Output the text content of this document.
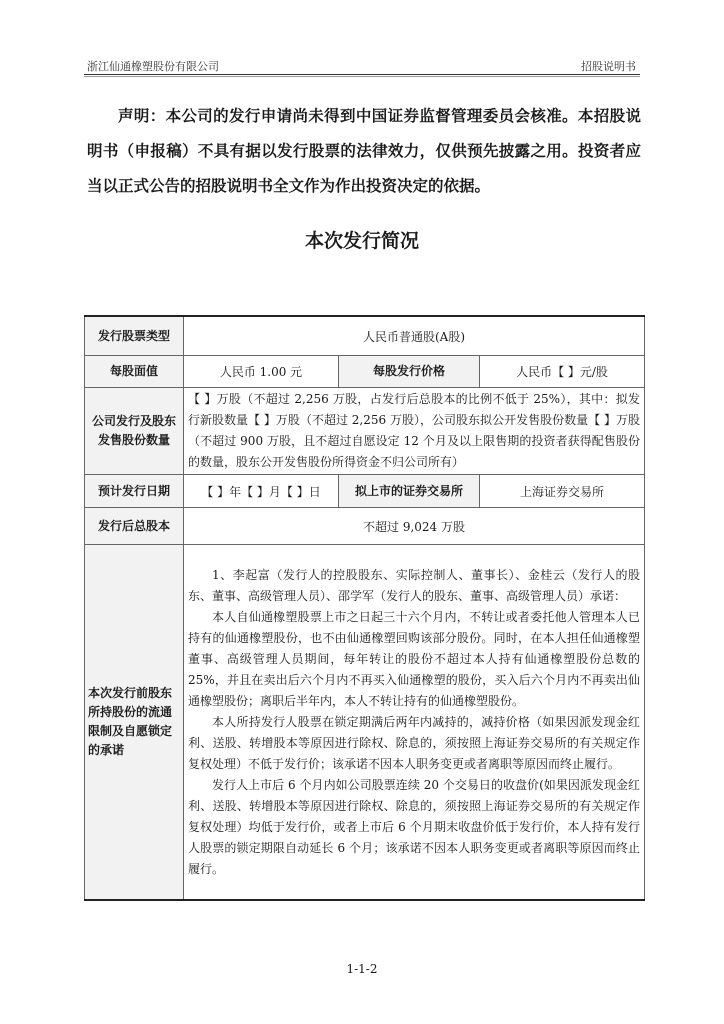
浙江仙通橡塑股份有限公司	招股说明书

声明：本公司的发行申请尚未得到中国证券监督管理委员会核准。本招股说明书（申报稿）不具有据以发行股票的法律效力，仅供预先披露之用。投资者应当以正式公告的招股说明书全文作为作出投资决定的依据。

本次发行简况
发行股票类型	人民币普通股(A股)		
每股面值	人民币 1.00 元	每股发行价格	人民币【 】元/股
公司发行及股东发售股份数量	【 】万股（不超过 2,256 万股，占发行后总股本的比例不低于 25%），其中：拟发行新股数量【 】万股（不超过 2,256 万股），公司股东拟公开发售股份数量【 】万股（不超过 900 万股，且不超过自愿设定 12 个月及以上限售期的投资者获得配售股份的数量，股东公开发售股份所得资金不归公司所有）		
预计发行日期	【 】年【 】月【 】日	拟上市的证券交易所	上海证券交易所
发行后总股本	不超过 9,024 万股		
本次发行前股东所持股份的流通限制及自愿锁定的承诺	1、李起富（发行人的控股股东、实际控制人、董事长）、金桂云（发行人的股东、董事、高级管理人员）、邵学军（发行人的股东、董事、高级管理人员）承诺：

本人自仙通橡塑股票上市之日起三十六个月内，不转让或者委托他人管理本人已持有的仙通橡塑股份，也不由仙通橡塑回购该部分股份。同时，在本人担任仙通橡塑董事、高级管理人员期间，每年转让的股份不超过本人持有仙通橡塑股份总数的 25%，并且在卖出后六个月内不再买入仙通橡塑的股份，买入后六个月内不再卖出仙通橡塑股份；离职后半年内，本人不转让持有的仙通橡塑股份。

本人所持发行人股票在锁定期满后两年内减持的，减持价格（如果因派发现金红利、送股、转增股本等原因进行除权、除息的，须按照上海证券交易所的有关规定作复权处理）不低于发行价；该承诺不因本人职务变更或者离职等原因而终止履行。

发行人上市后 6 个月内如公司股票连续 20 个交易日的收盘价(如果因派发现金红利、送股、转增股本等原因进行除权、除息的，须按照上海证券交易所的有关规定作复权处理）均低于发行价，或者上市后 6 个月期末收盘价低于发行价，本人持有发行人股票的锁定期限自动延长 6 个月；该承诺不因本人职务变更或者离职等原因而终止履行。		

1-1-2
